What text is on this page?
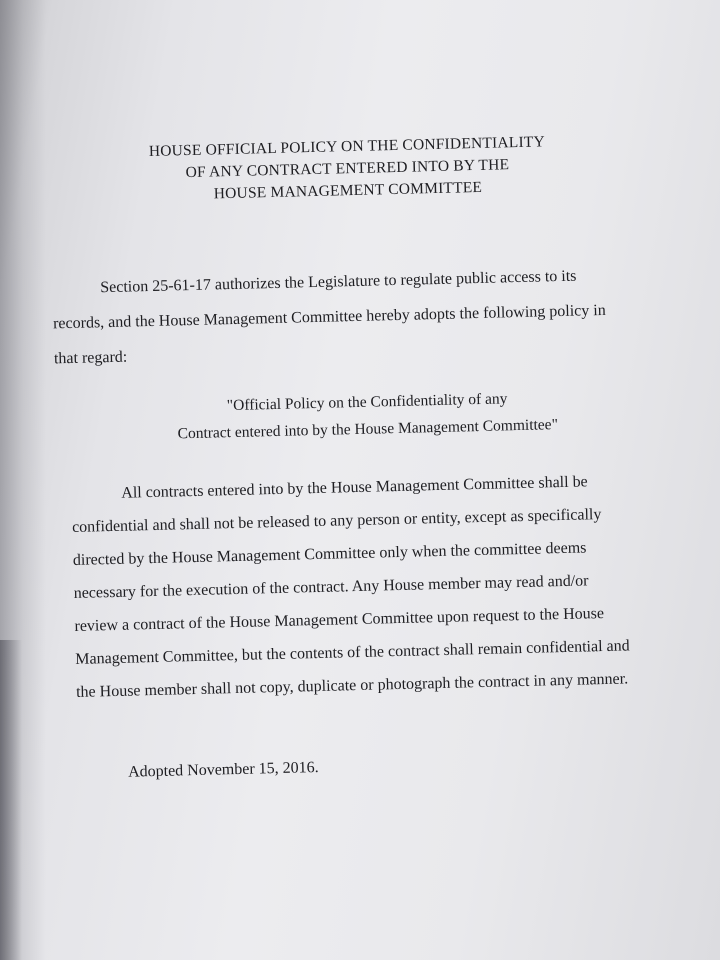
HOUSE OFFICIAL POLICY ON THE CONFIDENTIALITY
OF ANY CONTRACT ENTERED INTO BY THE
HOUSE MANAGEMENT COMMITTEE

Section 25-61-17 authorizes the Legislature to regulate public access to its records, and the House Management Committee hereby adopts the following policy in that regard:

"Official Policy on the Confidentiality of any
Contract entered into by the House Management Committee"

All contracts entered into by the House Management Committee shall be confidential and shall not be released to any person or entity, except as specifically directed by the House Management Committee only when the committee deems necessary for the execution of the contract. Any House member may read and/or review a contract of the House Management Committee upon request to the House Management Committee, but the contents of the contract shall remain confidential and the House member shall not copy, duplicate or photograph the contract in any manner.

Adopted November 15, 2016.
